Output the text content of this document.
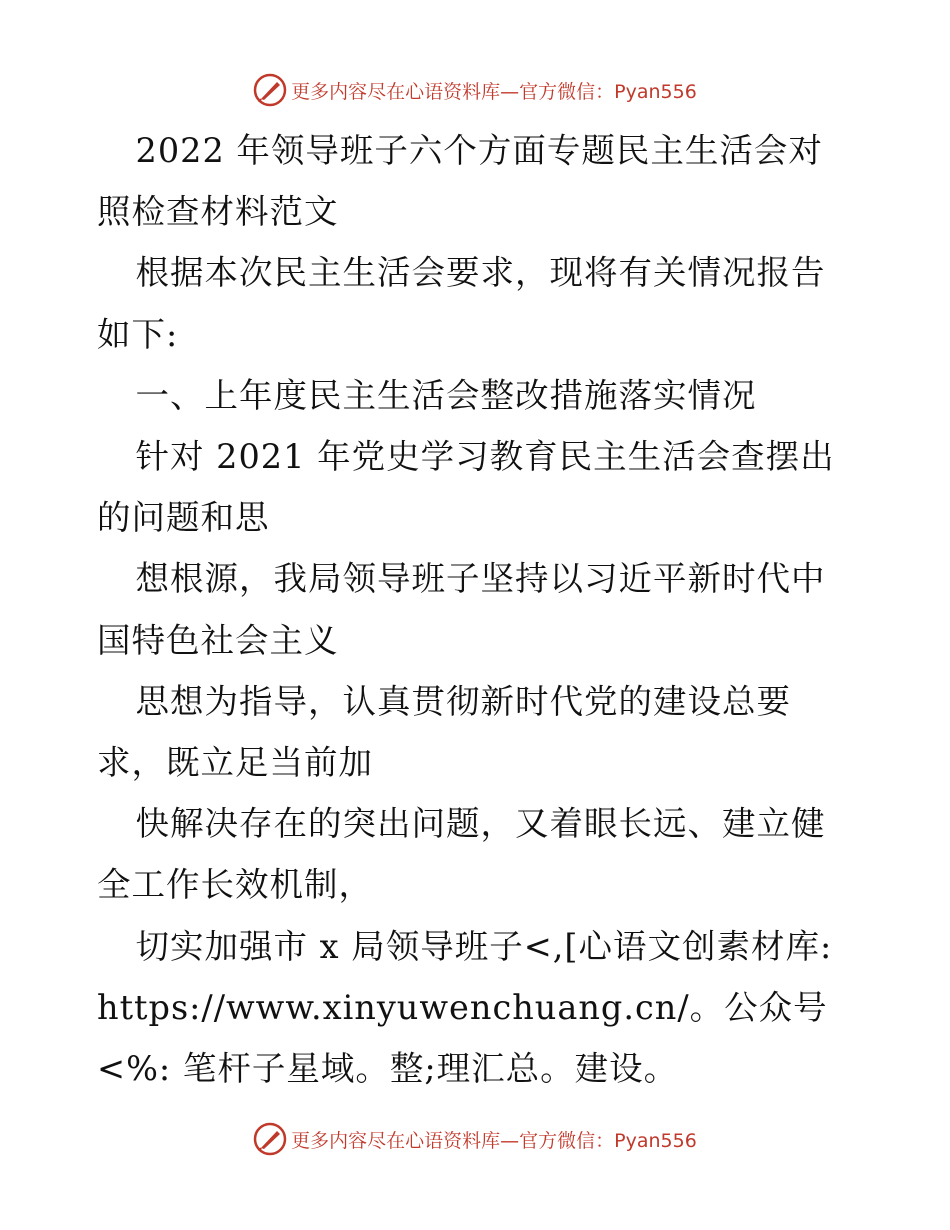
更多内容尽在心语资料库—官方微信：Pyan556

2022 年领导班子六个方面专题民主生活会对照检查材料范文

根据本次民主生活会要求，现将有关情况报告如下:

一、上年度民主生活会整改措施落实情况

针对 2021 年党史学习教育民主生活会查摆出的问题和思

想根源，我局领导班子坚持以习近平新时代中国特色社会主义

思想为指导，认真贯彻新时代党的建设总要求，既立足当前加

快解决存在的突出问题，又着眼长远、建立健全工作长效机制，

切实加强市 x 局领导班子<,[心语文创素材库: https://www.xinyuwenchuang.cn/。公众号<%: 笔杆子星域。整;理汇总。建设。

更多内容尽在心语资料库—官方微信：Pyan556
